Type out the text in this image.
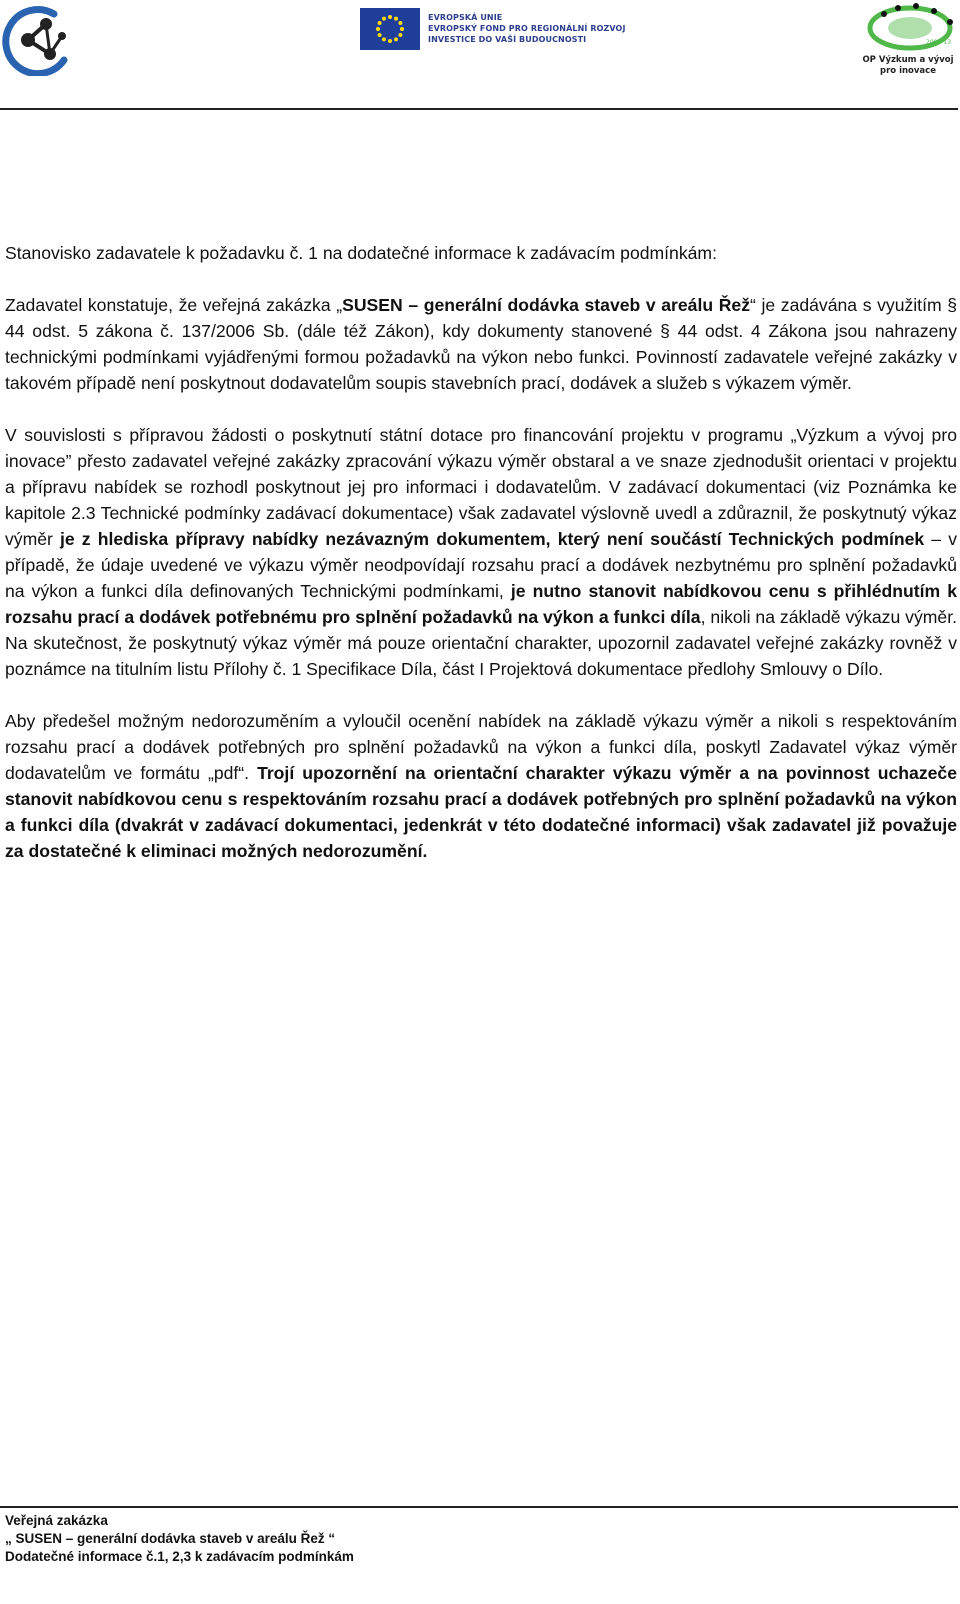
EVROPSKÁ UNIE
EVROPSKÝ FOND PRO REGIONÁLNÍ ROZVOJ
INVESTICE DO VAŠÍ BUDOUCNOSTI	2007-13
OP Výzkum a vývoj
pro inovace

Stanovisko zadavatele k požadavku č. 1 na dodatečné informace k zadávacím podmínkám:

Zadavatel konstatuje, že veřejná zakázka „SUSEN – generální dodávka staveb v areálu Řež“ je zadávána s využitím § 44 odst. 5 zákona č. 137/2006 Sb. (dále též Zákon), kdy dokumenty stanovené § 44 odst. 4 Zákona jsou nahrazeny technickými podmínkami vyjádřenými formou požadavků na výkon nebo funkci. Povinností zadavatele veřejné zakázky v takovém případě není poskytnout dodavatelům soupis stavebních prací, dodávek a služeb s výkazem výměr.

V souvislosti s přípravou žádosti o poskytnutí státní dotace pro financování projektu v programu „Výzkum a vývoj pro inovace” přesto zadavatel veřejné zakázky zpracování výkazu výměr obstaral a ve snaze zjednodušit orientaci v projektu a přípravu nabídek se rozhodl poskytnout jej pro informaci i dodavatelům. V zadávací dokumentaci (viz Poznámka ke kapitole 2.3 Technické podmínky zadávací dokumentace) však zadavatel výslovně uvedl a zdůraznil, že poskytnutý výkaz výměr je z hlediska přípravy nabídky nezávazným dokumentem, který není součástí Technických podmínek – v případě, že údaje uvedené ve výkazu výměr neodpovídají rozsahu prací a dodávek nezbytnému pro splnění požadavků na výkon a funkci díla definovaných Technickými podmínkami, je nutno stanovit nabídkovou cenu s přihlédnutím k rozsahu prací a dodávek potřebnému pro splnění požadavků na výkon a funkci díla, nikoli na základě výkazu výměr. Na skutečnost, že poskytnutý výkaz výměr má pouze orientační charakter, upozornil zadavatel veřejné zakázky rovněž v poznámce na titulním listu Přílohy č. 1 Specifikace Díla, část I Projektová dokumentace předlohy Smlouvy o Dílo.

Aby předešel možným nedorozuměním a vyloučil ocenění nabídek na základě výkazu výměr a nikoli s respektováním rozsahu prací a dodávek potřebných pro splnění požadavků na výkon a funkci díla, poskytl Zadavatel výkaz výměr dodavatelům ve formátu „pdf“. Trojí upozornění na orientační charakter výkazu výměr a na povinnost uchazeče stanovit nabídkovou cenu s respektováním rozsahu prací a dodávek potřebných pro splnění požadavků na výkon a funkci díla (dvakrát v zadávací dokumentaci, jedenkrát v této dodatečné informaci) však zadavatel již považuje za dostatečné k eliminaci možných nedorozumění.

Veřejná zakázka
„ SUSEN – generální dodávka staveb v areálu Řež “
Dodatečné informace č.1, 2,3 k zadávacím podmínkám
